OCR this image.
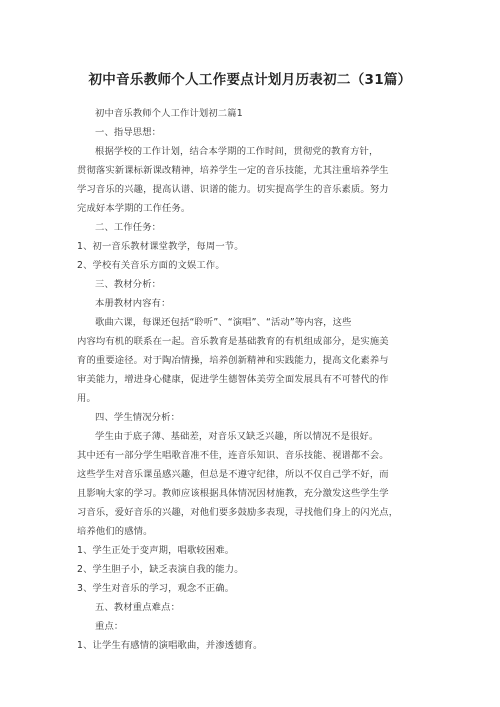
初中音乐教师个人工作要点计划月历表初二（31篇）
初中音乐教师个人工作计划初二篇1
一、指导思想：
根据学校的工作计划，结合本学期的工作时间，贯彻党的教育方针，
贯彻落实新课标新课改精神，培养学生一定的音乐技能，尤其注重培养学生
学习音乐的兴趣，提高认谱、识谱的能力。切实提高学生的音乐素质。努力
完成好本学期的工作任务。
二、工作任务：
1、初一音乐教材课堂教学，每周一节。
2、学校有关音乐方面的文娱工作。
三、教材分析：
本册教材内容有：
歌曲六课，每课还包括“聆听”、“演唱”、“活动”等内容，这些
内容均有机的联系在一起。音乐教育是基础教育的有机组成部分，是实施美
育的重要途径。对于陶冶情操，培养创新精神和实践能力，提高文化素养与
审美能力，增进身心健康，促进学生德智体美劳全面发展具有不可替代的作
用。
四、学生情况分析：
学生由于底子薄、基础差，对音乐又缺乏兴趣，所以情况不是很好。
其中还有一部分学生唱歌音准不佳，连音乐知识、音乐技能、视谱都不会。
这些学生对音乐课虽感兴趣，但总是不遵守纪律，所以不仅自己学不好，而
且影响大家的学习。教师应该根据具体情况因材施教，充分激发这些学生学
习音乐，爱好音乐的兴趣，对他们要多鼓励多表现，寻找他们身上的闪光点，
培养他们的感情。
1、学生正处于变声期，唱歌较困难。
2、学生胆子小，缺乏表演自我的能力。
3、学生对音乐的学习，观念不正确。
五、教材重点难点：
重点：
1、让学生有感情的演唱歌曲，并渗透德育。
